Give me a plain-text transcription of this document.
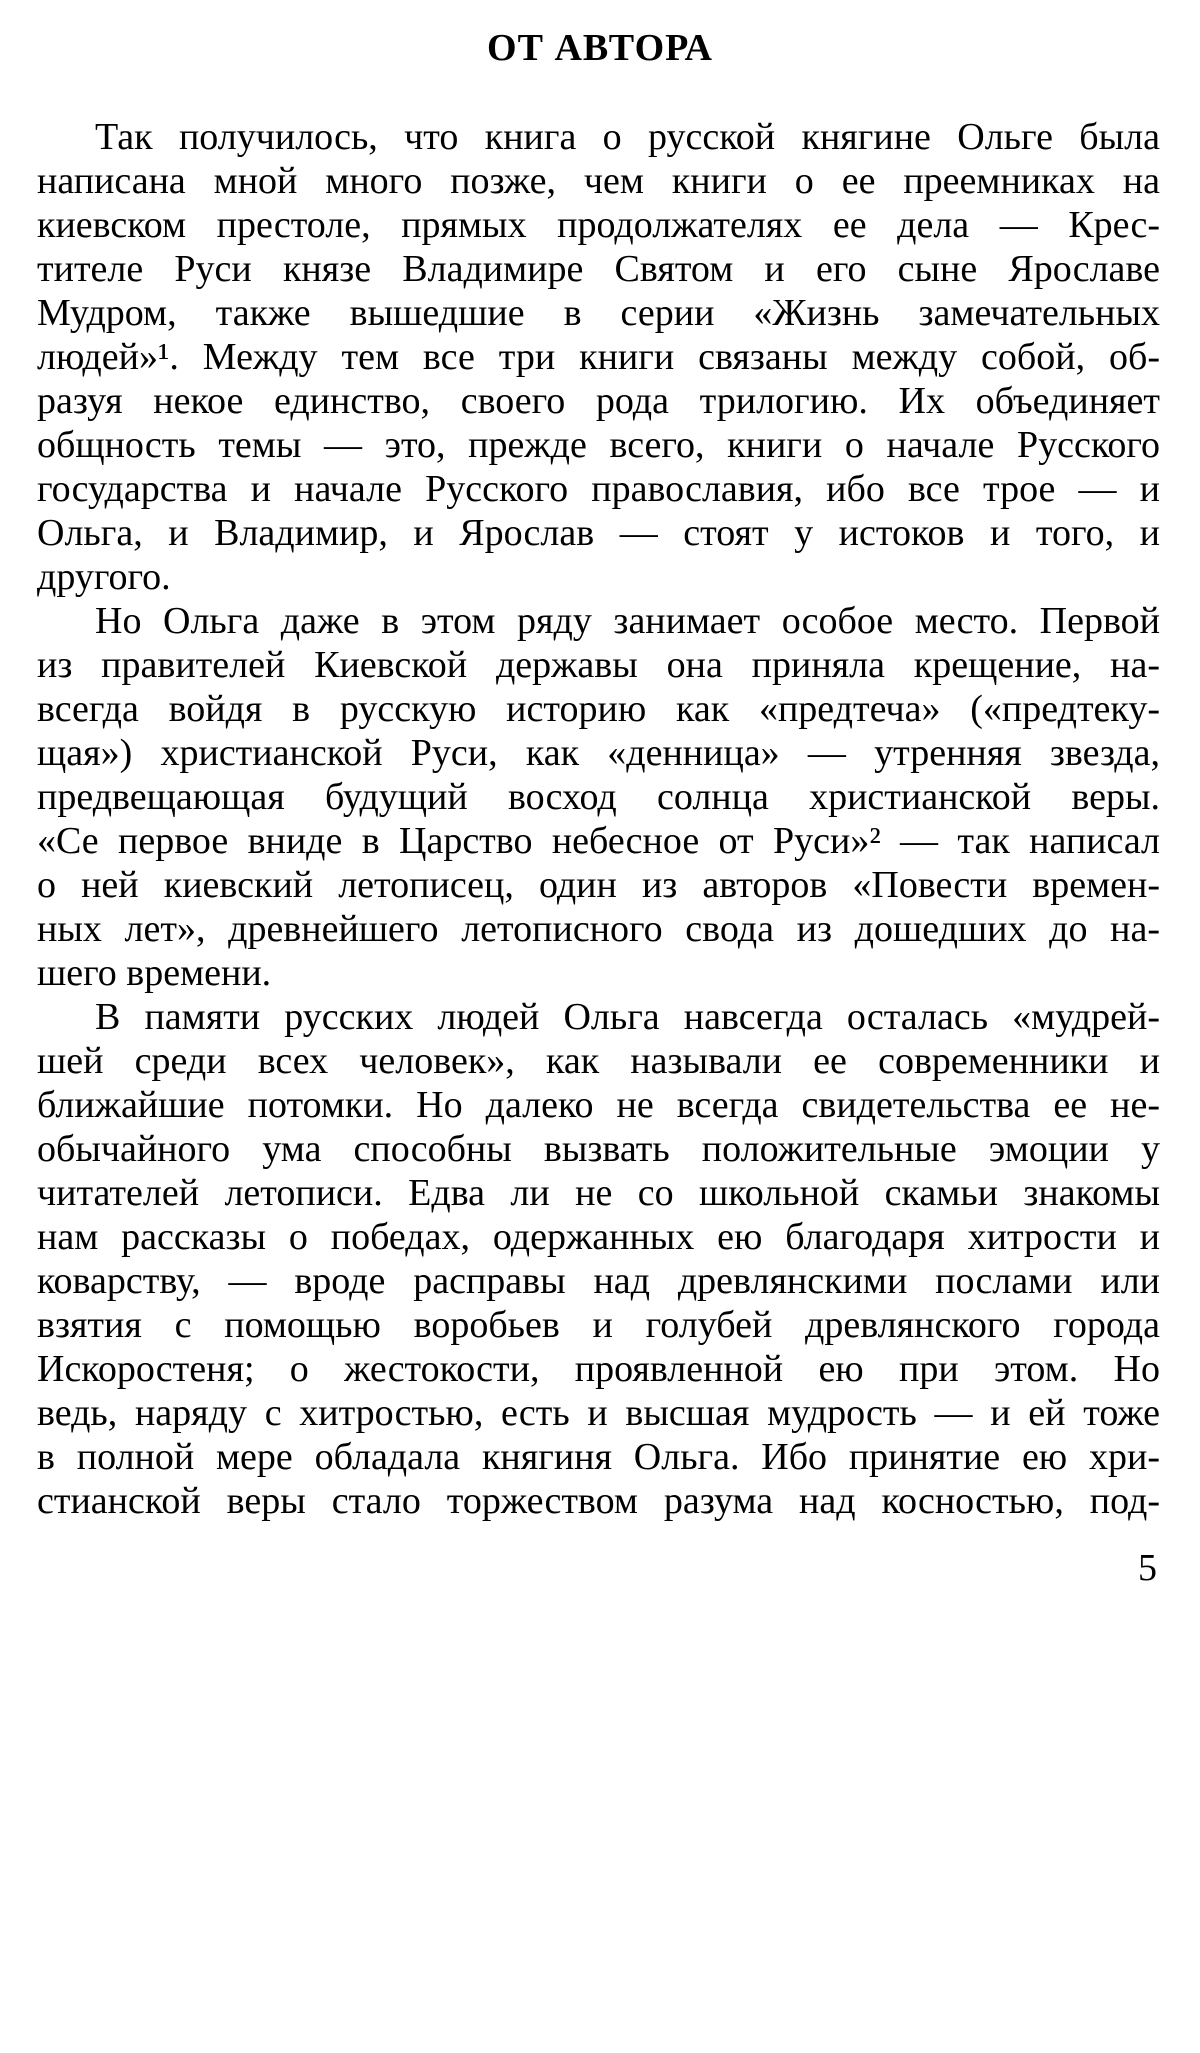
ОТ АВТОРА
Так получилось, что книга о русской княгине Ольге была
написана мной много позже, чем книги о ее преемниках на
киевском престоле, прямых продолжателях ее дела — Крес-
тителе Руси князе Владимире Святом и его сыне Ярославе
Мудром, также вышедшие в серии «Жизнь замечательных
людей»¹. Между тем все три книги связаны между собой, об-
разуя некое единство, своего рода трилогию. Их объединяет
общность темы — это, прежде всего, книги о начале Русского
государства и начале Русского православия, ибо все трое — и
Ольга, и Владимир, и Ярослав — стоят у истоков и того, и
другого.
Но Ольга даже в этом ряду занимает особое место. Первой
из правителей Киевской державы она приняла крещение, на-
всегда войдя в русскую историю как «предтеча» («предтеку-
щая») христианской Руси, как «денница» — утренняя звезда,
предвещающая будущий восход солнца христианской веры.
«Се первое вниде в Царство небесное от Руси»² — так написал
о ней киевский летописец, один из авторов «Повести времен-
ных лет», древнейшего летописного свода из дошедших до на-
шего времени.
В памяти русских людей Ольга навсегда осталась «мудрей-
шей среди всех человек», как называли ее современники и
ближайшие потомки. Но далеко не всегда свидетельства ее не-
обычайного ума способны вызвать положительные эмоции у
читателей летописи. Едва ли не со школьной скамьи знакомы
нам рассказы о победах, одержанных ею благодаря хитрости и
коварству, — вроде расправы над древлянскими послами или
взятия с помощью воробьев и голубей древлянского города
Искоростеня; о жестокости, проявленной ею при этом. Но
ведь, наряду с хитростью, есть и высшая мудрость — и ей тоже
в полной мере обладала княгиня Ольга. Ибо принятие ею хри-
стианской веры стало торжеством разума над косностью, под-
5
